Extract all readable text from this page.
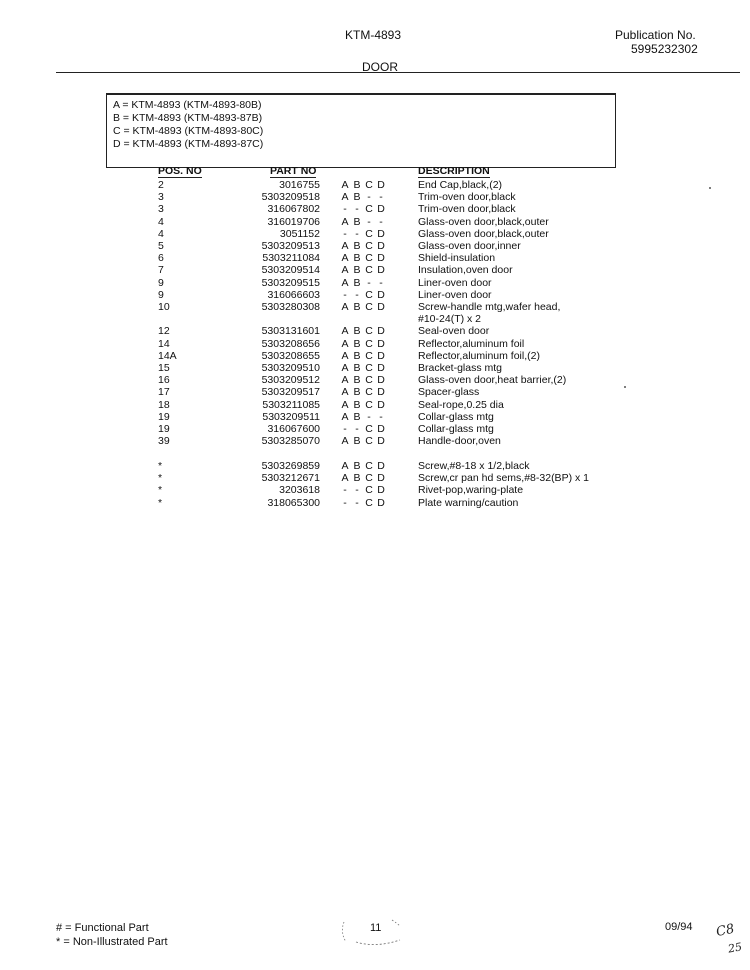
KTM-4893	Publication No.
5995232302
DOOR
A = KTM-4893 (KTM-4893-80B)
B = KTM-4893 (KTM-4893-87B)
C = KTM-4893 (KTM-4893-80C)
D = KTM-4893 (KTM-4893-87C)
POS. NO	PART NO	DESCRIPTION
2	3016755 A B C D	End Cap,black,(2)
3	5303209518 A B - -	Trim-oven door,black
3	316067802	- - C D	Trim-oven door,black
4	316019706 A B - -	Glass-oven door,black,outer
4	3051152	- - C D	Glass-oven door,black,outer
5	5303209513 A B C D	Glass-oven door,inner
6	5303211084 A B C D	Shield-insulation
7	5303209514 A B C D	Insulation,oven door
9	5303209515 A B - -	Liner-oven door
9	316066603	- - C D	Liner-oven door
10	5303280308 A B C D	Screw-handle mtg,wafer head,
#10-24(T) x 2
12	5303131601 A B C D	Seal-oven door
14	5303208656 A B C D	Reflector,aluminum foil
14A	5303208655 A B C D	Reflector,aluminum foil,(2)
15	5303209510 A B C D	Bracket-glass mtg
16	5303209512 A B C D	Glass-oven door,heat barrier,(2)
17	5303209517 A B C D	Spacer-glass
18	5303211085 A B C D	Seal-rope,0.25 dia
19	5303209511 A B - -	Collar-glass mtg
19	316067600	- - C D	Collar-glass mtg
39	5303285070 A B C D	Handle-door,oven
*	5303269859 A B C D	Screw,#8-18 x 1/2,black
*	5303212671 A B C D	Screw,cr pan hd sems,#8-32(BP) x 1
*	3203618	- - C D	Rivet-pop,waring-plate
*	318065300	- - C D	Plate warning/caution
# = Functional Part
* = Non-Illustrated Part
11	09/94 C8
25
